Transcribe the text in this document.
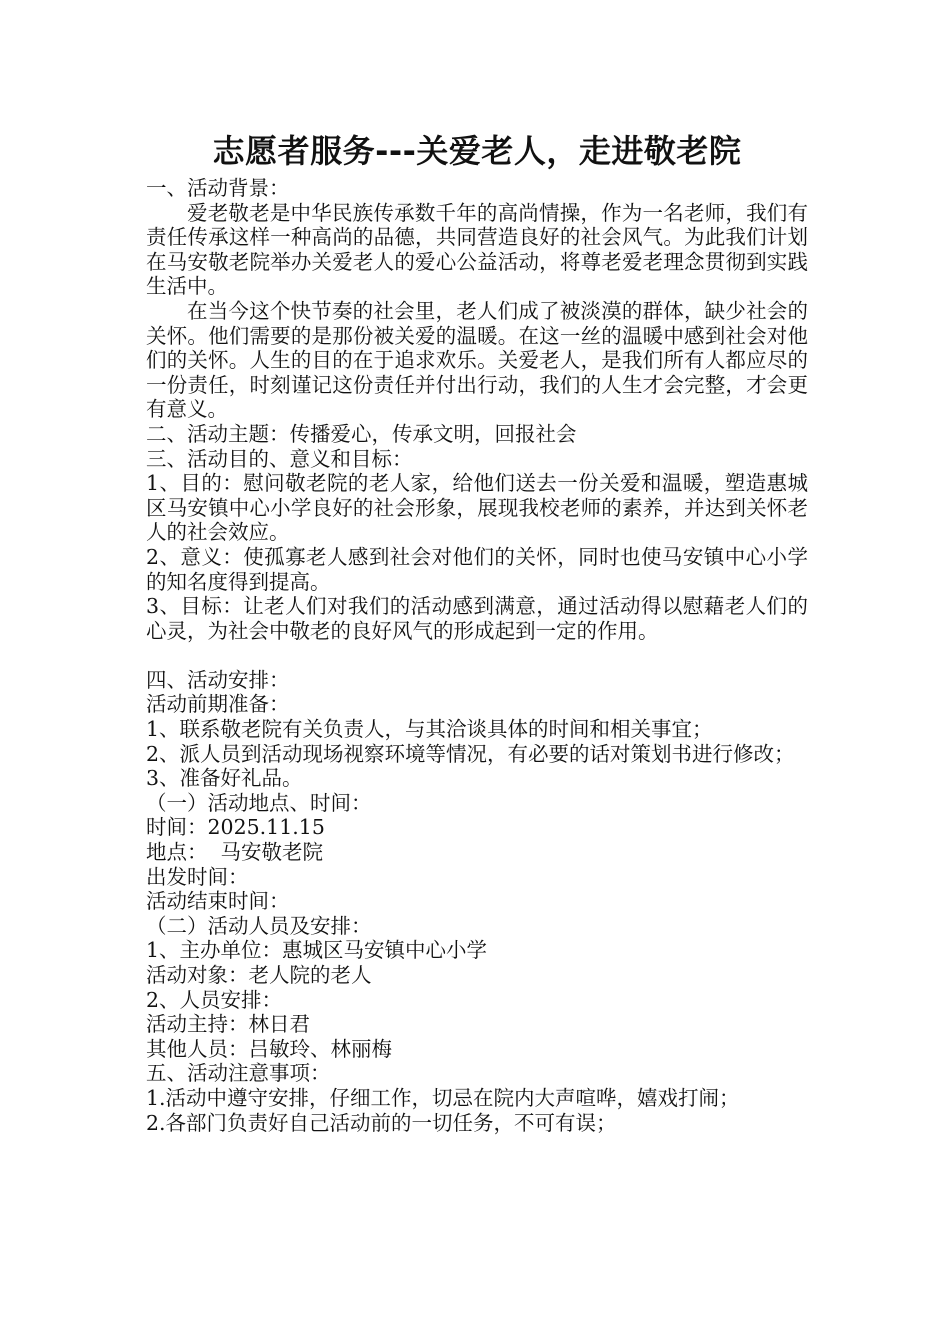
志愿者服务---关爱老人，走进敬老院
一、活动背景：
爱老敬老是中华民族传承数千年的高尚情操，作为一名老师，我们有责任传承这样一种高尚的品德，共同营造良好的社会风气。为此我们计划在马安敬老院举办关爱老人的爱心公益活动，将尊老爱老理念贯彻到实践生活中。
在当今这个快节奏的社会里，老人们成了被淡漠的群体，缺少社会的关怀。他们需要的是那份被关爱的温暖。在这一丝的温暖中感到社会对他们的关怀。人生的目的在于追求欢乐。关爱老人，是我们所有人都应尽的一份责任，时刻谨记这份责任并付出行动，我们的人生才会完整，才会更有意义。
二、活动主题：传播爱心，传承文明，回报社会
三、活动目的、意义和目标：
1、目的：慰问敬老院的老人家，给他们送去一份关爱和温暖，塑造惠城区马安镇中心小学良好的社会形象，展现我校老师的素养，并达到关怀老人的社会效应。
2、意义：使孤寡老人感到社会对他们的关怀，同时也使马安镇中心小学的知名度得到提高。
3、目标：让老人们对我们的活动感到满意，通过活动得以慰藉老人们的心灵，为社会中敬老的良好风气的形成起到一定的作用。
四、活动安排：
活动前期准备：
1、联系敬老院有关负责人，与其洽谈具体的时间和相关事宜；
2、派人员到活动现场视察环境等情况，有必要的话对策划书进行修改；
3、准备好礼品。
（一）活动地点、时间：
时间：2025.11.15
地点：  马安敬老院
出发时间：
活动结束时间：
（二）活动人员及安排：
1、主办单位：惠城区马安镇中心小学
活动对象：老人院的老人
2、人员安排：
活动主持：林日君
其他人员：吕敏玲、林丽梅
五、活动注意事项：
1.活动中遵守安排，仔细工作，切忌在院内大声喧哗，嬉戏打闹；
2.各部门负责好自己活动前的一切任务，不可有误；
